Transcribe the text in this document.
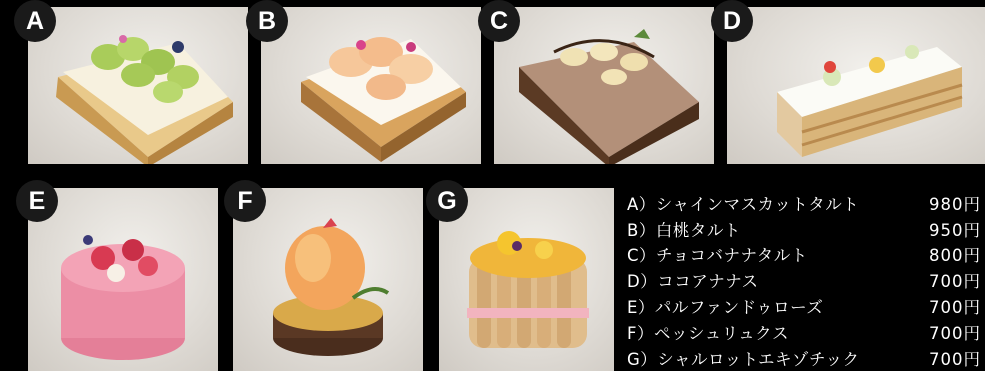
A	B	C	D
E	F	G	A）シャインマスカットタルト	980円
B）白桃タルト	950円
C）チョコバナナタルト	800円
D）ココアナナス	700円
E）パルファンドゥローズ	700円
F）ペッシュリュクス	700円
G）シャルロットエキゾチック	700円
